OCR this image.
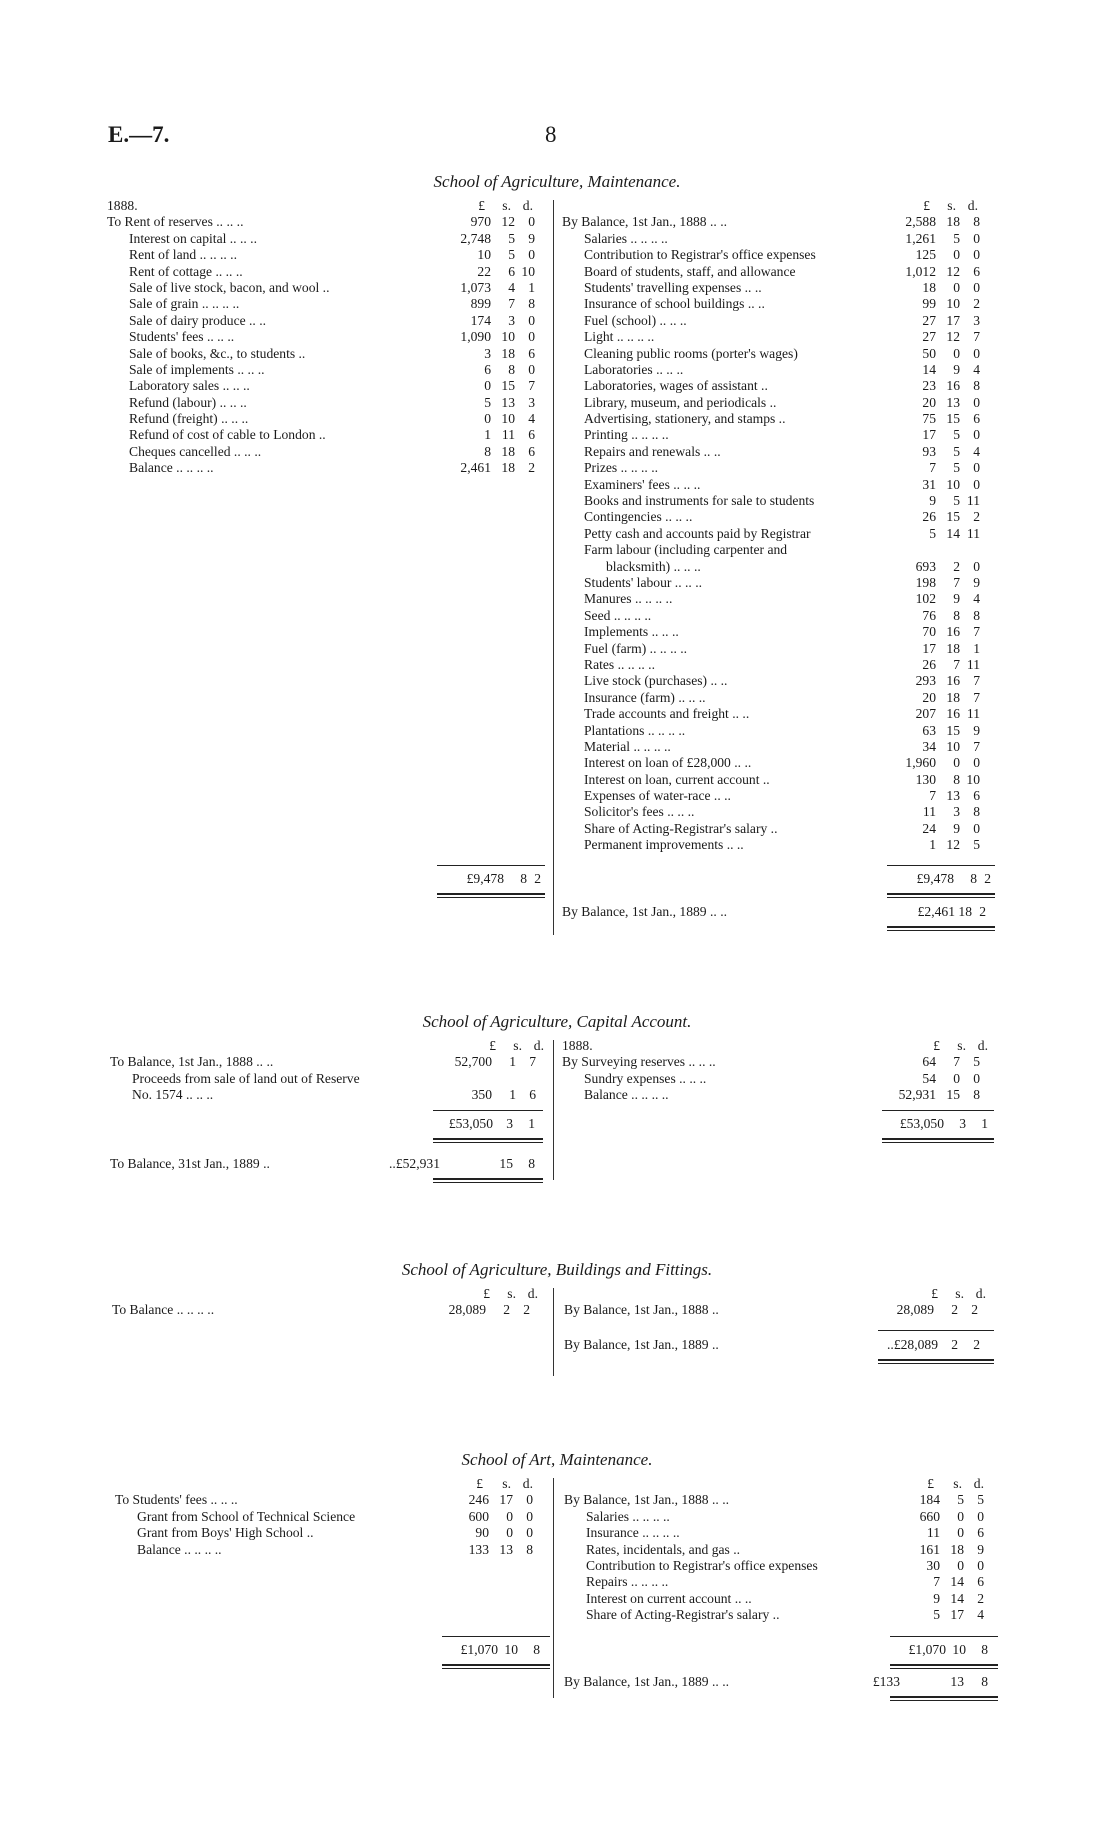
E.—7.	8
School of Agriculture, Maintenance.
1888.	£	s. d.
To Rent of reserves .. .. ..	970 12 0
Interest on capital .. .. ..	2,748	5 9
Rent of land .. .. .. ..	10	5 0
Rent of cottage .. .. ..	22	6 10
Sale of live stock, bacon, and wool ..	1,073	4 1
Sale of grain .. .. .. ..	899	7 8
Sale of dairy produce .. ..	174	3 0
Students' fees .. .. ..	1,090 10 0
Sale of books, &c., to students ..	3 18 6
Sale of implements .. .. ..	6	8 0
Laboratory sales .. .. ..	0 15 7
Refund (labour) .. .. ..	5 13 3
Refund (freight) .. .. ..	0 10 4
Refund of cost of cable to London ..	1 11 6
Cheques cancelled .. .. ..	8 18 6
Balance .. .. .. ..	2,461 18 2
£	s. d.
By Balance, 1st Jan., 1888 .. ..	2,588 18 8
Salaries .. .. .. ..	1,261	5 0
Contribution to Registrar's office expenses	125	0 0
Board of students, staff, and allowance	1,012 12 6
Students' travelling expenses .. ..	18	0 0
Insurance of school buildings .. ..	99 10 2
Fuel (school) .. .. ..	27 17 3
Light .. .. .. ..	27 12 7
Cleaning public rooms (porter's wages)	50	0 0
Laboratories .. .. ..	14	9 4
Laboratories, wages of assistant ..	23 16 8
Library, museum, and periodicals ..	20 13 0
Advertising, stationery, and stamps ..	75 15 6
Printing .. .. .. ..	17	5 0
Repairs and renewals .. ..	93	5 4
Prizes .. .. .. ..	7	5 0
Examiners' fees .. .. ..	31 10 0
Books and instruments for sale to students	9	5 11
Contingencies .. .. ..	26 15 2
Petty cash and accounts paid by Registrar	5 14 11
Farm labour (including carpenter and
blacksmith) .. .. ..	693	2 0
Students' labour .. .. ..	198	7 9
Manures .. .. .. ..	102	9 4
Seed .. .. .. ..	76	8 8
Implements .. .. ..	70 16 7
Fuel (farm) .. .. .. ..	17 18 1
Rates .. .. .. ..	26	7 11
Live stock (purchases) .. ..	293 16 7
Insurance (farm) .. .. ..	20 18 7
Trade accounts and freight .. ..	207 16 11
Plantations .. .. .. ..	63 15 9
Material .. .. .. ..	34 10 7
Interest on loan of £28,000 .. ..	1,960	0 0
Interest on loan, current account ..	130	8 10
Expenses of water-race .. ..	7 13 6
Solicitor's fees .. .. ..	11	3 8
Share of Acting-Registrar's salary ..	24	9 0
Permanent improvements .. ..	1 12 5
£9,478	8 2	£9,478	8 2
By Balance, 1st Jan., 1889 .. ..	£2,461 18 2
School of Agriculture, Capital Account.
£	s. d.
To Balance, 1st Jan., 1888 .. ..	52,700	1 7
Proceeds from sale of land out of Reserve
No. 1574 .. .. ..	350	1 6
1888.	£	s. d.
By Surveying reserves .. .. ..	64	7 5
Sundry expenses .. .. ..	54	0 0
Balance .. .. .. ..	52,931 15 8
£53,050 3	1	£53,050	3	1
To Balance, 31st Jan., 1889 ..	..£52,931	15	8
School of Agriculture, Buildings and Fittings.
£	s. d.
To Balance .. .. .. ..	28,089	2 2
£	s. d.
By Balance, 1st Jan., 1888 ..	28,089	2 2
By Balance, 1st Jan., 1889 ..	..£28,089 2	2
School of Art, Maintenance.
£	s. d.
To Students' fees .. .. ..	246 17 0
Grant from School of Technical Science	600	0 0
Grant from Boys' High School ..	90	0 0
Balance .. .. .. ..	133 13 8
£	s. d.
By Balance, 1st Jan., 1888 .. ..	184	5 5
Salaries .. .. .. ..	660	0 0
Insurance .. .. .. ..	11	0 6
Rates, incidentals, and gas ..	161 18 9
Contribution to Registrar's office expenses	30	0 0
Repairs .. .. .. ..	7 14 6
Interest on current account .. ..	9 14 2
Share of Acting-Registrar's salary ..	5 17 4
£1,070 10	8	£1,070 10	8
By Balance, 1st Jan., 1889 .. ..	£133	13	8
